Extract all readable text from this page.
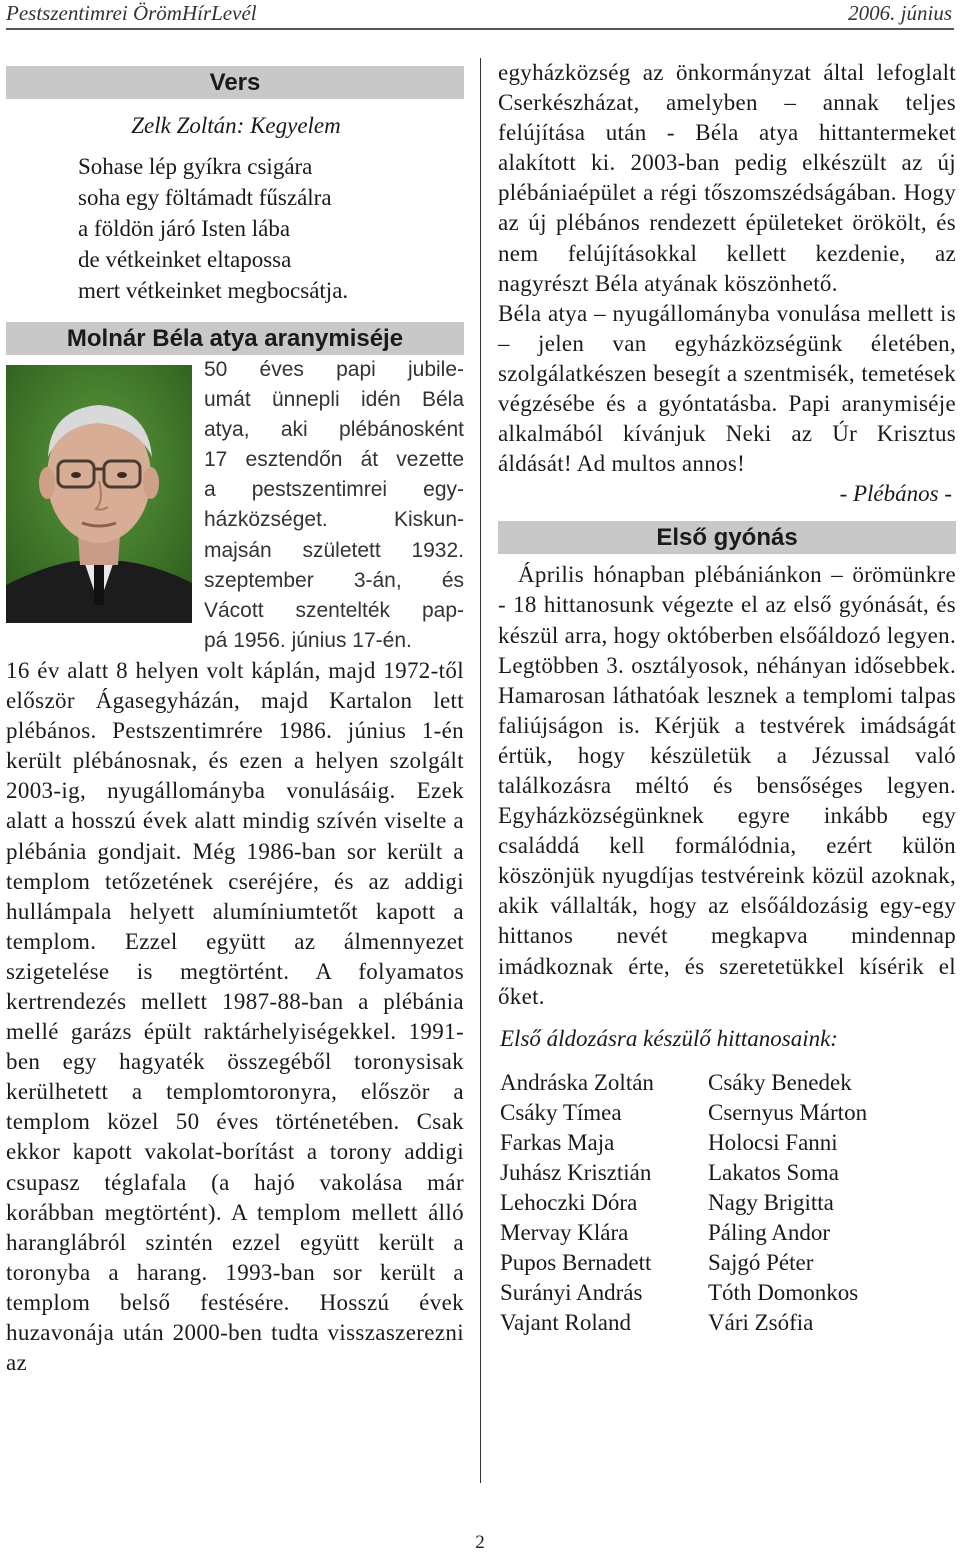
Pestszentimrei ÖrömHírLevél	2006. június
Vers
Zelk Zoltán: Kegyelem
Sohase lép gyíkra csigára
soha egy föltámadt fűszálra
a földön járó Isten lába
de vétkeinket eltapossa
mert vétkeinket megbocsátja.
Molnár Béla atya aranymiséje
50 éves papi jubile-
umát ünnepli idén Béla
atya, aki plébánosként
17 esztendőn át vezette
a pestszentimrei egy-
házközséget. Kiskun-
majsán született 1932.
szeptember 3-án, és
Vácott szentelték pap-
pá 1956. június 17-én.

16 év alatt 8 helyen volt káplán, majd 1972-től először Ágasegyházán, majd Kartalon lett plébános. Pestszentimrére 1986. június 1-én került plébánosnak, és ezen a helyen szolgált 2003-ig, nyugállományba vonulásáig. Ezek alatt a hosszú évek alatt mindig szívén viselte a plébánia gondjait. Még 1986-ban sor került a templom tetőzetének cseréjére, és az addigi hullámpala helyett alumíniumtetőt kapott a templom. Ezzel együtt az álmennyezet szigetelése is megtörtént. A folyamatos kertrendezés mellett 1987-88-ban a plébánia mellé garázs épült raktárhelyiségekkel. 1991-ben egy hagyaték összegéből toronysisak kerülhetett a templomtoronyra, először a templom közel 50 éves történetében. Csak ekkor kapott vakolat-borítást a torony addigi csupasz téglafala (a hajó vakolása már korábban megtörtént). A templom mellett álló haranglábról szintén ezzel együtt került a toronyba a harang. 1993-ban sor került a templom belső festésére. Hosszú évek huzavonája után 2000-ben tudta visszaszerezni az

egyházközség az önkormányzat által lefoglalt Cserkészházat, amelyben – annak teljes felújítása után - Béla atya hittantermeket alakított ki. 2003-ban pedig elkészült az új plébániaépület a régi tőszomszédságában. Hogy az új plébános rendezett épületeket örökölt, és nem felújításokkal kellett kezdenie, az nagyrészt Béla atyának köszönhető.

Béla atya – nyugállományba vonulása mellett is – jelen van egyházközségünk életében, szolgálatkészen besegít a szentmisék, temetések végzésébe és a gyóntatásba. Papi aranymiséje alkalmából kívánjuk Neki az Úr Krisztus áldását! Ad multos annos!

- Plébános -
Első gyónás

Április hónapban plébániánkon – örömünkre - 18 hittanosunk végezte el az első gyónását, és készül arra, hogy októberben elsőáldozó legyen. Legtöbben 3. osztályosok, néhányan idősebbek. Hamarosan láthatóak lesznek a templomi talpas faliújságon is. Kérjük a testvérek imádságát értük, hogy készületük a Jézussal való találkozásra méltó és bensőséges legyen. Egyházközségünknek egyre inkább egy családdá kell formálódnia, ezért külön köszönjük nyugdíjas testvéreink közül azoknak, akik vállalták, hogy az elsőáldozásig egy-egy hittanos nevét megkapva mindennap imádkoznak érte, és szeretetükkel kísérik el őket.

Első áldozásra készülő hittanosaink:
Andráska Zoltán
Csáky Tímea
Farkas Maja
Juhász Krisztián
Lehoczki Dóra
Mervay Klára
Pupos Bernadett
Surányi András
Vajant Roland
Csáky Benedek
Csernyus Márton
Holocsi Fanni
Lakatos Soma
Nagy Brigitta
Páling Andor
Sajgó Péter
Tóth Domonkos
Vári Zsófia
2
